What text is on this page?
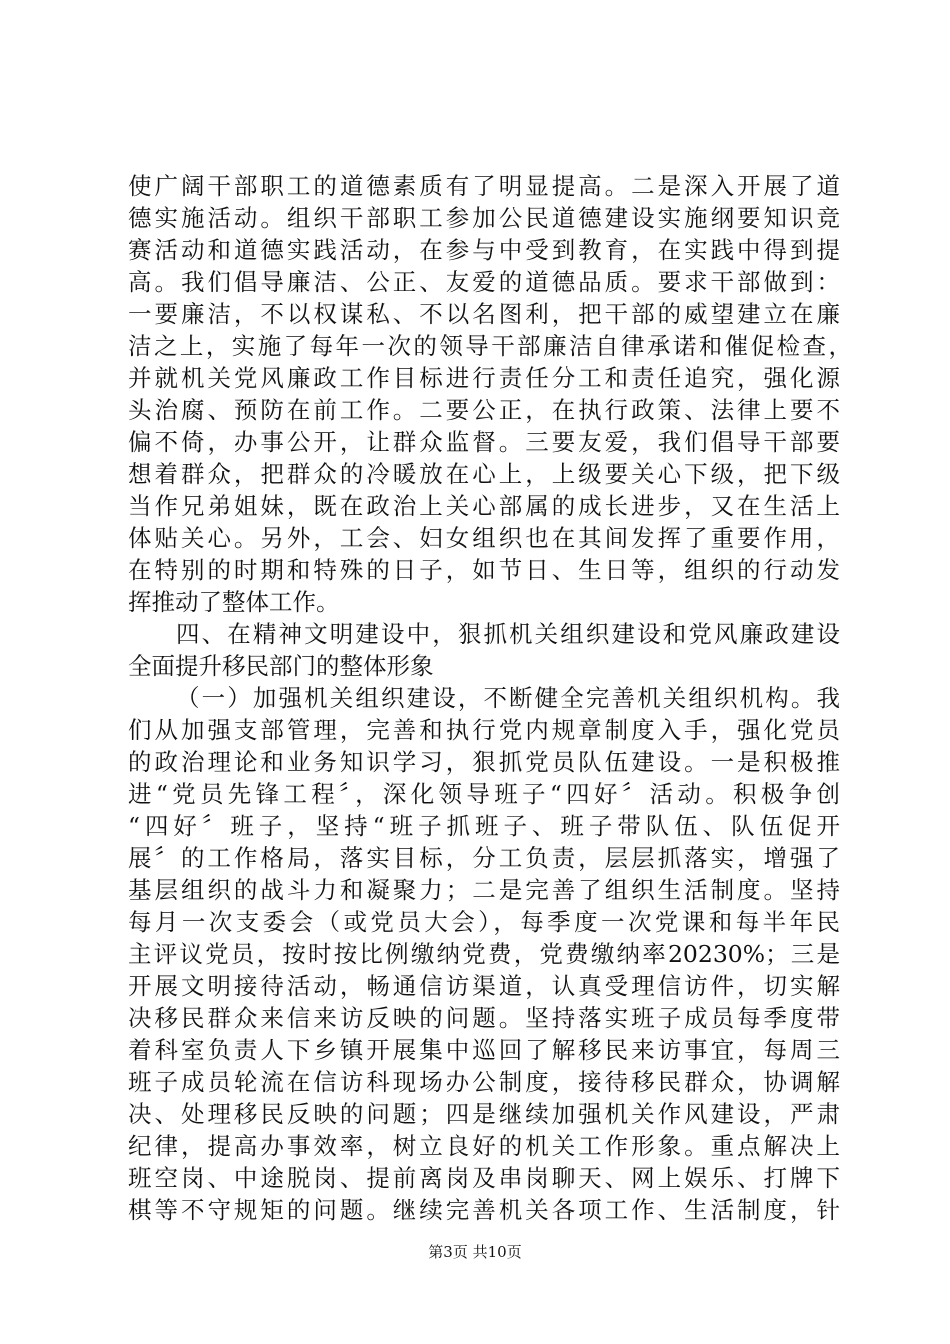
使广阔干部职工的道德素质有了明显提高。二是深入开展了道
德实施活动。组织干部职工参加公民道德建设实施纲要知识竞
赛活动和道德实践活动，在参与中受到教育，在实践中得到提
高。我们倡导廉洁、公正、友爱的道德品质。要求干部做到：
一要廉洁，不以权谋私、不以名图利，把干部的威望建立在廉
洁之上，实施了每年一次的领导干部廉洁自律承诺和催促检查，
并就机关党风廉政工作目标进行责任分工和责任追究，强化源
头治腐、预防在前工作。二要公正，在执行政策、法律上要不
偏不倚，办事公开，让群众监督。三要友爱，我们倡导干部要
想着群众，把群众的冷暖放在心上，上级要关心下级，把下级
当作兄弟姐妹，既在政治上关心部属的成长进步，又在生活上
体贴关心。另外，工会、妇女组织也在其间发挥了重要作用，
在特别的时期和特殊的日子，如节日、生日等，组织的行动发
挥推动了整体工作。
四、在精神文明建设中，狠抓机关组织建设和党风廉政建设
全面提升移民部门的整体形象
（一）加强机关组织建设，不断健全完善机关组织机构。我
们从加强支部管理，完善和执行党内规章制度入手，强化党员
的政治理论和业务知识学习，狠抓党员队伍建设。一是积极推
进“党员先锋工程〞，深化领导班子“四好〞活动。积极争创
“四好〞班子，坚持“班子抓班子、班子带队伍、队伍促开
展〞的工作格局，落实目标，分工负责，层层抓落实，增强了
基层组织的战斗力和凝聚力；二是完善了组织生活制度。坚持
每月一次支委会（或党员大会），每季度一次党课和每半年民
主评议党员，按时按比例缴纳党费，党费缴纳率20230%；三是
开展文明接待活动，畅通信访渠道，认真受理信访件，切实解
决移民群众来信来访反映的问题。坚持落实班子成员每季度带
着科室负责人下乡镇开展集中巡回了解移民来访事宜，每周三
班子成员轮流在信访科现场办公制度，接待移民群众，协调解
决、处理移民反映的问题；四是继续加强机关作风建设，严肃
纪律，提高办事效率，树立良好的机关工作形象。重点解决上
班空岗、中途脱岗、提前离岗及串岗聊天、网上娱乐、打牌下
棋等不守规矩的问题。继续完善机关各项工作、生活制度，针
第3页 共10页
